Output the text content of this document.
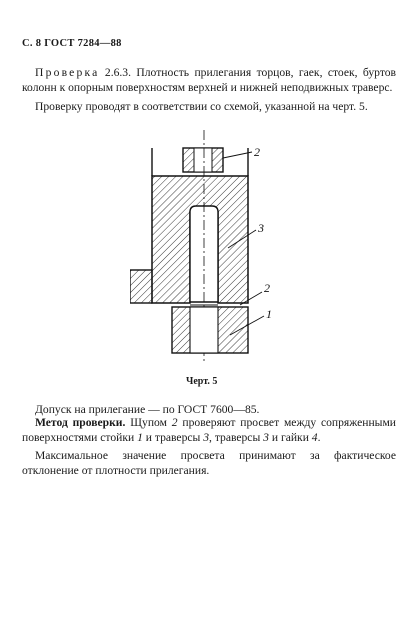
С. 8 ГОСТ 7284—88

Проверка 2.6.3. Плотность прилегания торцов, гаек, стоек, буртов колонн к опорным поверхностям верхней и нижней неподвижных траверс.

Проверку проводят в соответствии со схемой, указанной на черт. 5.

2
3
2
1
Черт. 5

Допуск на прилегание — по ГОСТ 7600—85.

Метод проверки. Щупом 2 проверяют просвет между сопряженными поверхностями стойки 1 и траверсы 3, траверсы 3 и гайки 4.

Максимальное значение просвета принимают за фактическое отклонение от плотности прилегания.
